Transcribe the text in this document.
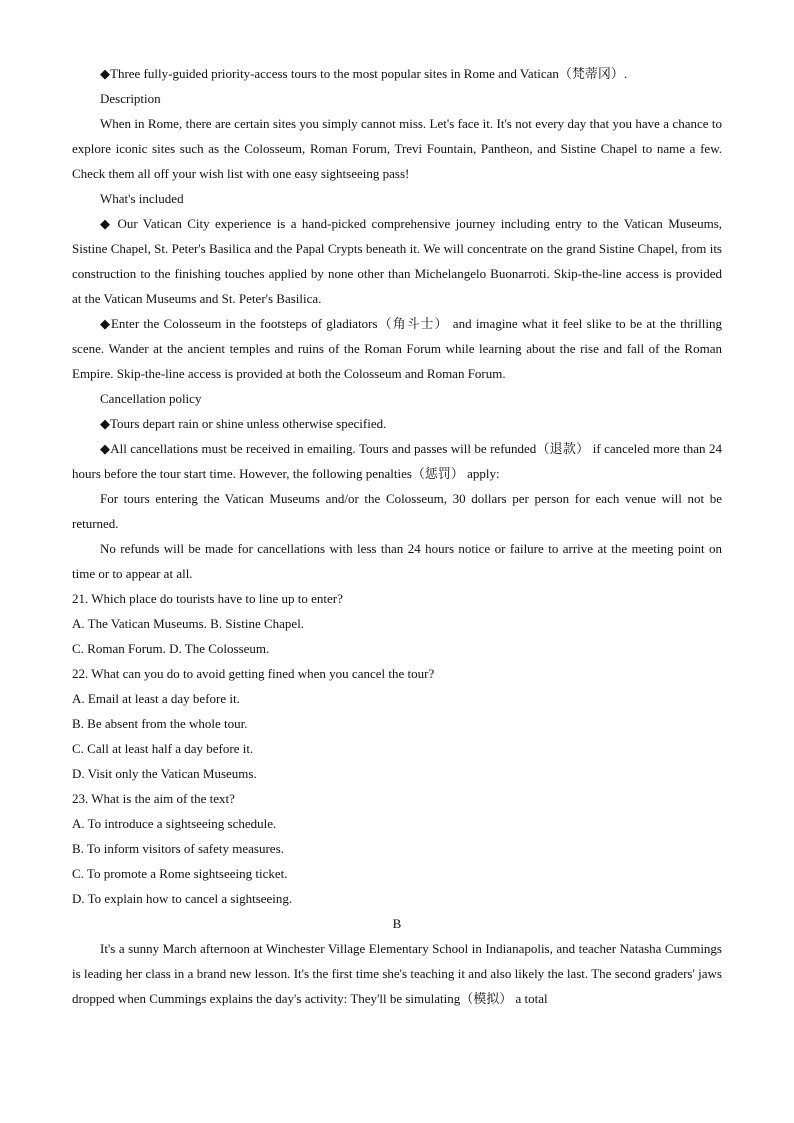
◆Three fully-guided priority-access tours to the most popular sites in Rome and Vatican（梵蒂冈）.

Description

When in Rome, there are certain sites you simply cannot miss. Let's face it. It's not every day that you have a chance to explore iconic sites such as the Colosseum, Roman Forum, Trevi Fountain, Pantheon, and Sistine Chapel to name a few. Check them all off your wish list with one easy sightseeing pass!

What's included

◆ Our Vatican City experience is a hand-picked comprehensive journey including entry to the Vatican Museums, Sistine Chapel, St. Peter's Basilica and the Papal Crypts beneath it. We will concentrate on the grand Sistine Chapel, from its construction to the finishing touches applied by none other than Michelangelo Buonarroti. Skip-the-line access is provided at the Vatican Museums and St. Peter's Basilica.

◆Enter the Colosseum in the footsteps of gladiators（角斗士） and imagine what it feel slike to be at the thrilling scene. Wander at the ancient temples and ruins of the Roman Forum while learning about the rise and fall of the Roman Empire. Skip-the-line access is provided at both the Colosseum and Roman Forum.

Cancellation policy

◆Tours depart rain or shine unless otherwise specified.

◆All cancellations must be received in emailing. Tours and passes will be refunded（退款） if canceled more than 24 hours before the tour start time. However, the following penalties（惩罚） apply:

For tours entering the Vatican Museums and/or the Colosseum, 30 dollars per person for each venue will not be returned.

No refunds will be made for cancellations with less than 24 hours notice or failure to arrive at the meeting point on time or to appear at all.

21. Which place do tourists have to line up to enter?

A. The Vatican Museums. B. Sistine Chapel.

C. Roman Forum. D. The Colosseum.

22. What can you do to avoid getting fined when you cancel the tour?

A. Email at least a day before it.

B. Be absent from the whole tour.

C. Call at least half a day before it.

D. Visit only the Vatican Museums.

23. What is the aim of the text?

A. To introduce a sightseeing schedule.

B. To inform visitors of safety measures.

C. To promote a Rome sightseeing ticket.

D. To explain how to cancel a sightseeing.

B

It's a sunny March afternoon at Winchester Village Elementary School in Indianapolis, and teacher Natasha Cummings is leading her class in a brand new lesson. It's the first time she's teaching it and also likely the last. The second graders' jaws dropped when Cummings explains the day's activity: They'll be simulating（模拟） a total
